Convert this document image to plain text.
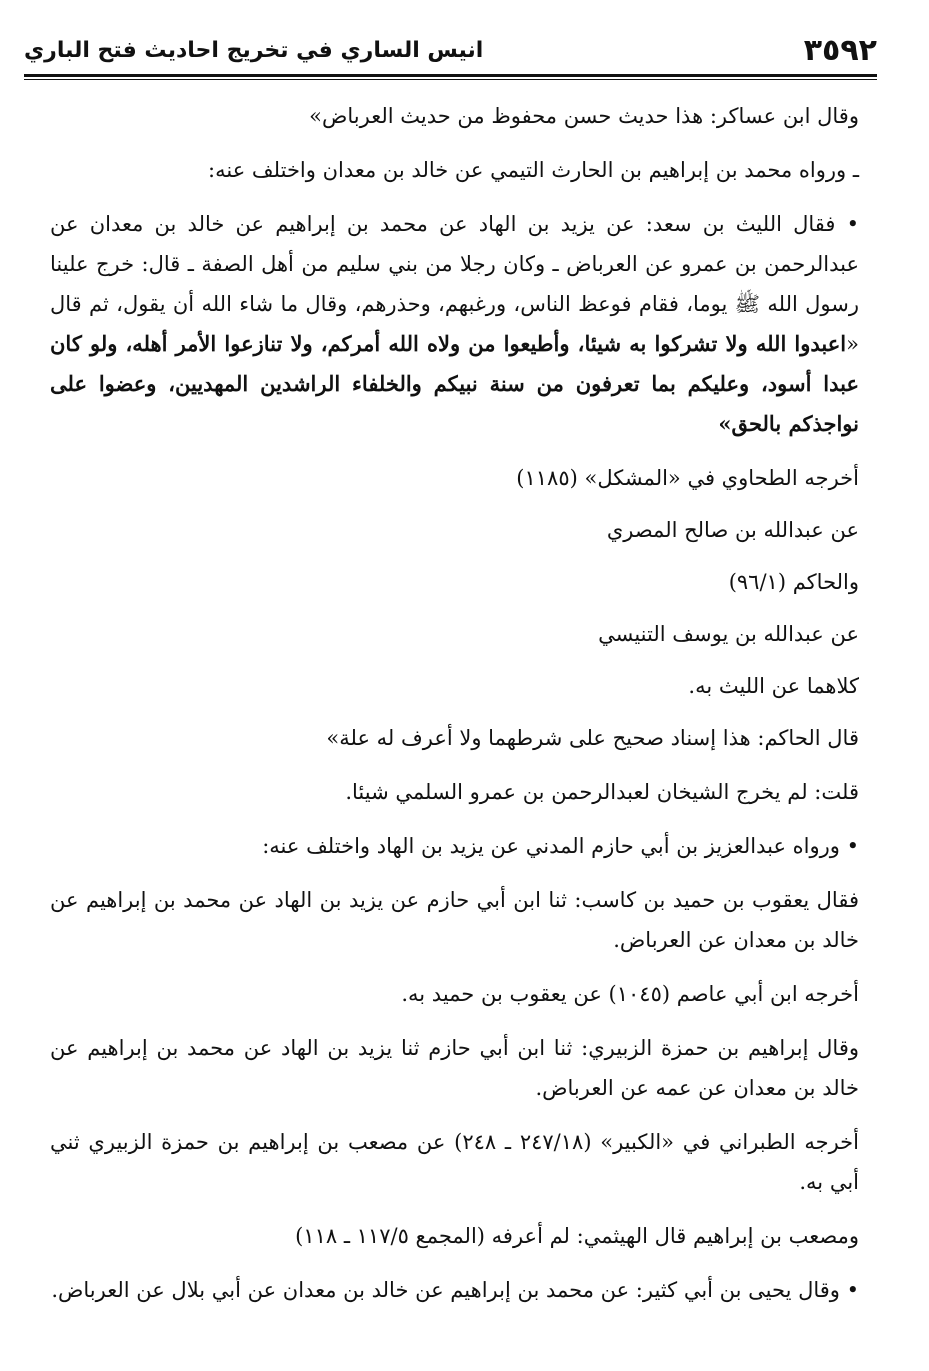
٣٥٩٢
انيس الساري في تخريج احاديث فتح الباري

وقال ابن عساكر: هذا حديث حسن محفوظ من حديث العرباض»

ـ ورواه محمد بن إبراهيم بن الحارث التيمي عن خالد بن معدان واختلف عنه:

• فقال الليث بن سعد: عن يزيد بن الهاد عن محمد بن إبراهيم عن خالد بن معدان عن عبدالرحمن بن عمرو عن العرباض ـ وكان رجلا من بني سليم من أهل الصفة ـ قال: خرج علينا رسول الله ﷺ يوما، فقام فوعظ الناس، ورغبهم، وحذرهم، وقال ما شاء الله أن يقول، ثم قال «اعبدوا الله ولا تشركوا به شيئا، وأطيعوا من ولاه الله أمركم، ولا تنازعوا الأمر أهله، ولو كان عبدا أسود، وعليكم بما تعرفون من سنة نبيكم والخلفاء الراشدين المهديين، وعضوا على نواجذكم بالحق»

أخرجه الطحاوي في «المشكل» (١١٨٥)

عن عبدالله بن صالح المصري

والحاكم (٩٦/١)

عن عبدالله بن يوسف التنيسي

كلاهما عن الليث به.

قال الحاكم: هذا إسناد صحيح على شرطهما ولا أعرف له علة»

قلت: لم يخرج الشيخان لعبدالرحمن بن عمرو السلمي شيئا.

• ورواه عبدالعزيز بن أبي حازم المدني عن يزيد بن الهاد واختلف عنه:

فقال يعقوب بن حميد بن كاسب: ثنا ابن أبي حازم عن يزيد بن الهاد عن محمد بن إبراهيم عن خالد بن معدان عن العرباض.

أخرجه ابن أبي عاصم (١٠٤٥) عن يعقوب بن حميد به.

وقال إبراهيم بن حمزة الزبيري: ثنا ابن أبي حازم ثنا يزيد بن الهاد عن محمد بن إبراهيم عن خالد بن معدان عن عمه عن العرباض.

أخرجه الطبراني في «الكبير» (٢٤٧/١٨ ـ ٢٤٨) عن مصعب بن إبراهيم بن حمزة الزبيري ثني أبي به.

ومصعب بن إبراهيم قال الهيثمي: لم أعرفه (المجمع ١١٧/٥ ـ ١١٨)

• وقال يحيى بن أبي كثير: عن محمد بن إبراهيم عن خالد بن معدان عن أبي بلال عن العرباض.
